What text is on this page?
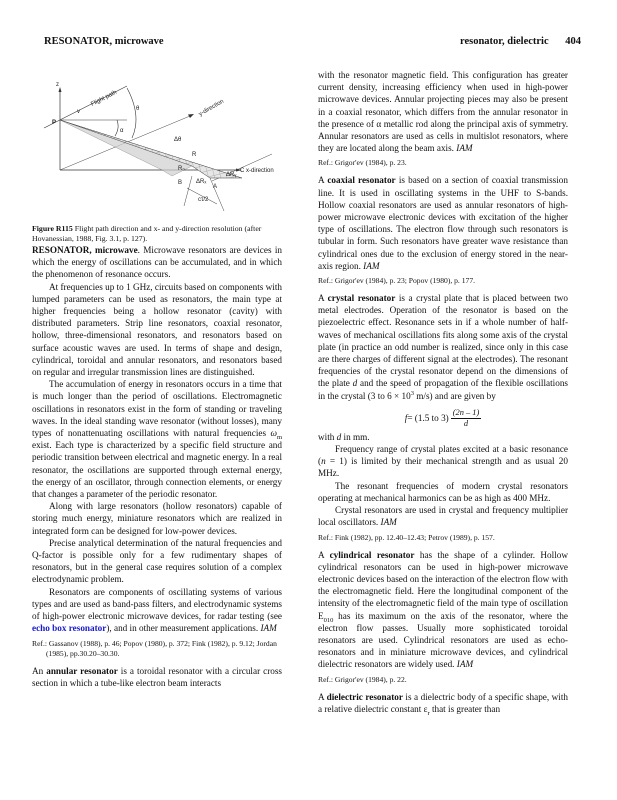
RESONATOR, microwave	resonator, dielectric 404
z
v
Flight path
θ
P
α
y-direction
Δθ
R
R₀	C
B
A
ΔRₓ
ΔRᵧ
cτ/2
x-direction

Figure R115 Flight path direction and x- and y-direction resolution (after Hovanessian, 1988, Fig. 3.1, p. 127).

RESONATOR, microwave. Microwave resonators are devices in which the energy of oscillations can be accumulated, and in which the phenomenon of resonance occurs.

At frequencies up to 1 GHz, circuits based on components with lumped parameters can be used as resonators, the main type at higher frequencies being a hollow resonator (cavity) with distributed parameters. Strip line resonators, coaxial resonator, hollow, three-dimensional resonators, and resonators based on surface acoustic waves are used. In terms of shape and design, cylindrical, toroidal and annular resonators, and resonators based on regular and irregular transmission lines are distinguished.

The accumulation of energy in resonators occurs in a time that is much longer than the period of oscillations. Electromagnetic oscillations in resonators exist in the form of standing or traveling waves. In the ideal standing wave resonator (without losses), many types of nonattenuating oscillations with natural frequencies $\omega_m$ exist. Each type is characterized by a specific field structure and periodic transition between electrical and magnetic energy. In a real resonator, the oscillations are supported through external energy, the energy of an oscillator, through connection elements, or energy that changes a parameter of the periodic resonator.

Along with large resonators (hollow resonators) capable of storing much energy, miniature resonators which are realized in integrated form can be designed for low-power devices.

Precise analytical determination of the natural frequencies and Q-factor is possible only for a few rudimentary shapes of resonators, but in the general case requires solution of a complex electrodynamic problem.

Resonators are components of oscillating systems of various types and are used as band-pass filters, and electrodynamic systems of high-power electronic microwave devices, for radar testing (see echo box resonator), and in other measurement applications. IAM

Ref.: Gassanov (1988), p. 46; Popov (1980), p. 372; Fink (1982), p. 9.12; Jordan (1985), pp.30.20–30.30.

An annular resonator is a toroidal resonator with a circular cross section in which a tube-like electron beam interacts

with the resonator magnetic field. This configuration has greater current density, increasing efficiency when used in high-power microwave devices. Annular projecting pieces may also be present in a coaxial resonator, which differs from the annular resonator in the presence of α metallic rod along the principal axis of symmetry. Annular resonators are used as cells in multislot resonators, where they are located along the beam axis. IAM

Ref.: Grigor'ev (1984), p. 23.

A coaxial resonator is based on a section of coaxial transmission line. It is used in oscillating systems in the UHF to S-bands. Hollow coaxial resonators are used as annular resonators of high-power microwave electronic devices with excitation of the higher type of oscillations. The electron flow through such resonators is tubular in form. Such resonators have greater wave resistance than cylindrical ones due to the exclusion of energy stored in the near-axis region. IAM

Ref.: Grigor'ev (1984), p. 23; Popov (1980), p. 177.

A crystal resonator is a crystal plate that is placed between two metal electrodes. Operation of the resonator is based on the piezoelectric effect. Resonance sets in if a whole number of half-waves of mechanical oscillations fits along some axis of the crystal plate (in practice an odd number is realized, since only in this case are there charges of different signal at the electrodes). The resonant frequencies of the crystal resonator depend on the dimensions of the plate d and the speed of propagation of the flexible oscillations in the crystal (3 to $6 \times 10^3$ m/s) and are given by

f = (1.5 to $3) \frac{(2n - 1)}{d}$

with d in mm.

Frequency range of crystal plates excited at a basic resonance (n = 1) is limited by their mechanical strength and as usual 20 MHz.

The resonant frequencies of modern crystal resonators operating at mechanical harmonics can be as high as 400 MHz.

Crystal resonators are used in crystal and frequency multiplier local oscillators. IAM

Ref.: Fink (1982), pp. 12.40–12.43; Petrov (1989), p. 157.

A cylindrical resonator has the shape of a cylinder. Hollow cylindrical resonators can be used in high-power microwave electronic devices based on the interaction of the electron flow with the electromagnetic field. Here the longitudinal component of the intensity of the electromagnetic field of the main type of oscillation $E_{010}$ has its maximum on the axis of the resonator, where the electron flow passes. Usually more sophisticated toroidal resonators are used. Cylindrical resonators are used as echo-resonators and in miniature microwave devices, and cylindrical dielectric resonators are widely used. IAM

Ref.: Grigor'ev (1984), p. 22.

A dielectric resonator is a dielectric body of a specific shape, with a relative dielectric constant $\varepsilon_r$ that is greater than
